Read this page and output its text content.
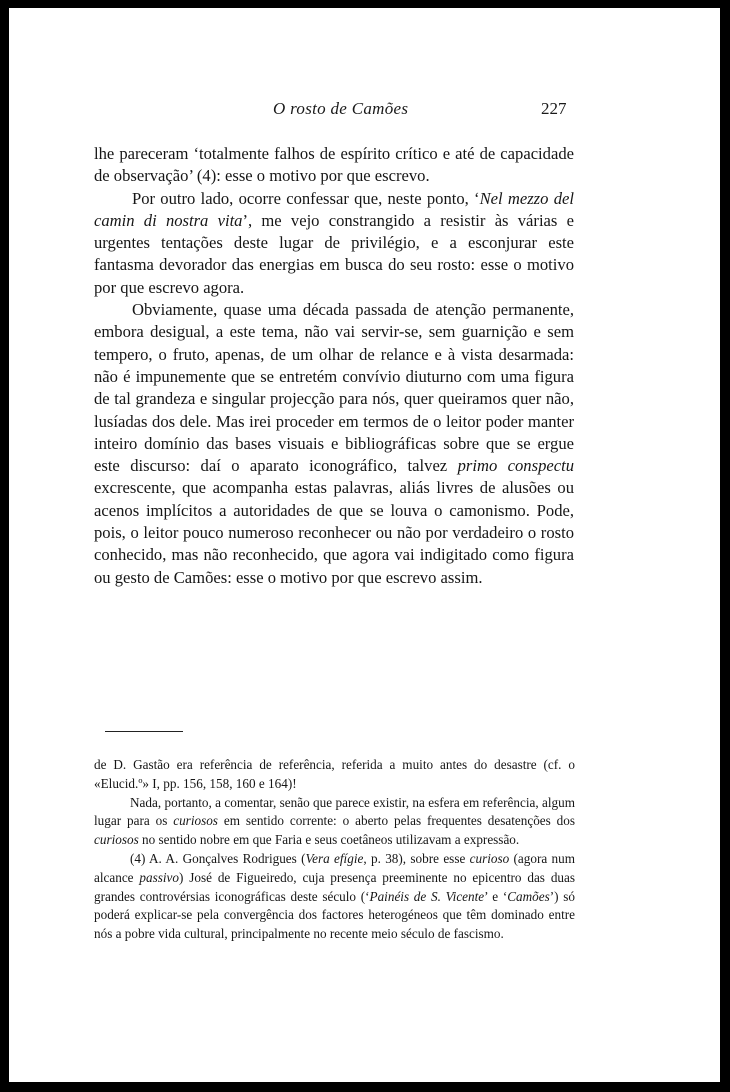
O rosto de Camões	227

lhe pareceram ‘totalmente falhos de espírito crítico e até de capacidade de observação’ (4): esse o motivo por que escrevo.

Por outro lado, ocorre confessar que, neste ponto, ‘Nel mezzo del camin di nostra vita’, me vejo constrangido a resistir às várias e urgentes tentações deste lugar de privilégio, e a esconjurar este fantasma devorador das energias em busca do seu rosto: esse o motivo por que escrevo agora.

Obviamente, quase uma década passada de atenção permanente, embora desigual, a este tema, não vai servir-se, sem guarnição e sem tempero, o fruto, apenas, de um olhar de relance e à vista desarmada: não é impunemente que se entretém convívio diuturno com uma figura de tal grandeza e singular projecção para nós, quer queiramos quer não, lusíadas dos dele. Mas irei proceder em termos de o leitor poder manter inteiro domínio das bases visuais e bibliográficas sobre que se ergue este discurso: daí o aparato iconográfico, talvez primo conspectu excrescente, que acompanha estas palavras, aliás livres de alusões ou acenos implícitos a autoridades de que se louva o camonismo. Pode, pois, o leitor pouco numeroso reconhecer ou não por verdadeiro o rosto conhecido, mas não reconhecido, que agora vai indigitado como figura ou gesto de Camões: esse o motivo por que escrevo assim.

de D. Gastão era referência de referência, referida a muito antes do desastre (cf. o «Elucid.º» I, pp. 156, 158, 160 e 164)!

Nada, portanto, a comentar, senão que parece existir, na esfera em referência, algum lugar para os curiosos em sentido corrente: o aberto pelas frequentes desatenções dos curiosos no sentido nobre em que Faria e seus coetâneos utilizavam a expressão.

(4) A. A. Gonçalves Rodrigues (Vera efígie, p. 38), sobre esse curioso (agora num alcance passivo) José de Figueiredo, cuja presença preeminente no epicentro das duas grandes controvérsias iconográficas deste século (‘Painéis de S. Vicente’ e ‘Camões’) só poderá explicar-se pela convergência dos factores heterogéneos que têm dominado entre nós a pobre vida cultural, principalmente no recente meio século de fascismo.
